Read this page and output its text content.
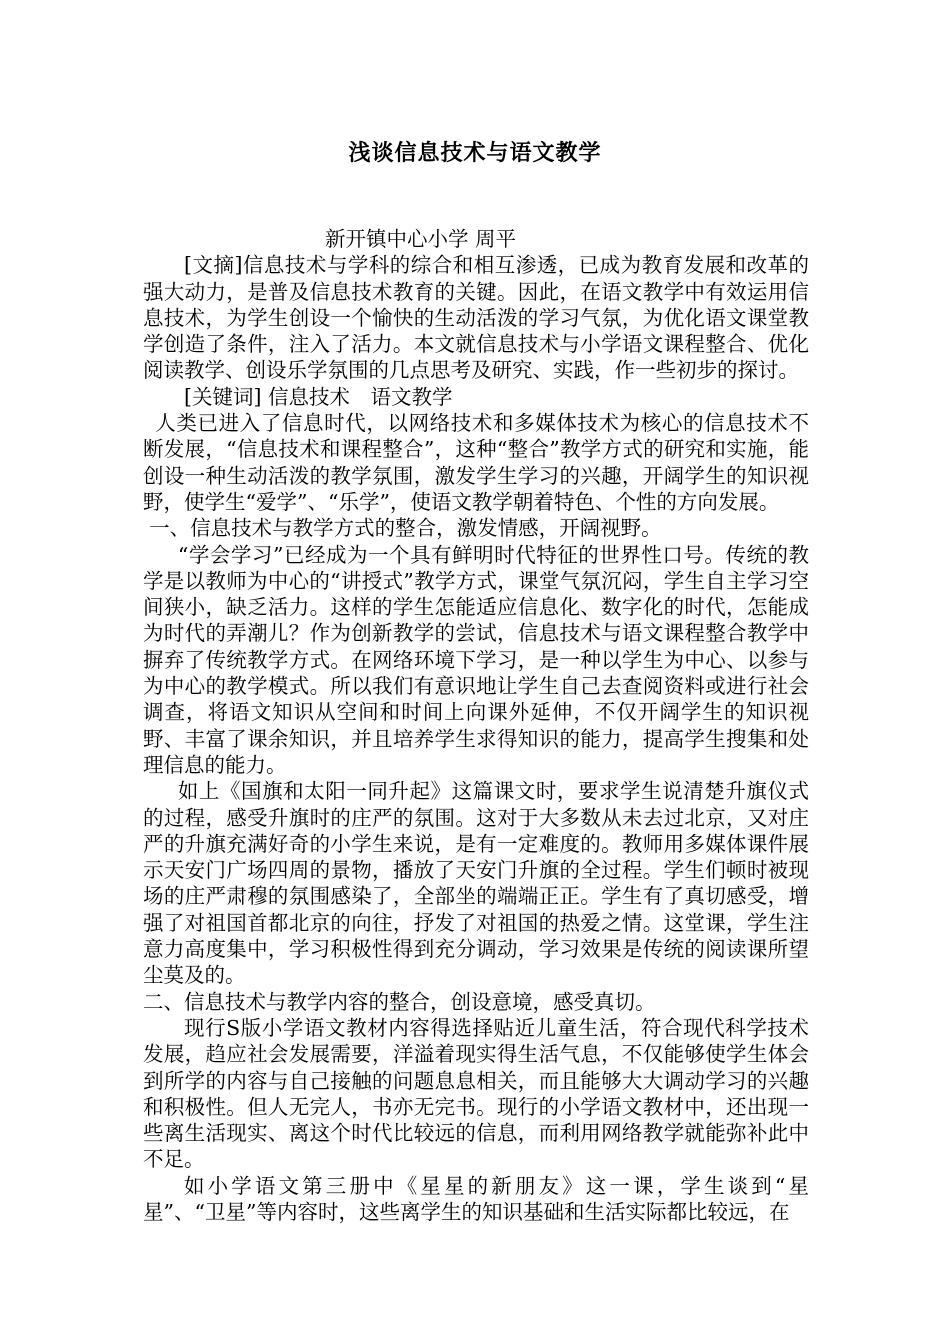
浅谈信息技术与语文教学

新开镇中心小学 周平

[文摘]信息技术与学科的综合和相互渗透，已成为教育发展和改革的强大动力，是普及信息技术教育的关键。因此，在语文教学中有效运用信息技术，为学生创设一个愉快的生动活泼的学习气氛，为优化语文课堂教学创造了条件，注入了活力。本文就信息技术与小学语文课程整合、优化阅读教学、创设乐学氛围的几点思考及研究、实践，作一些初步的探讨。

[关键词] 信息技术　语文教学

人类已进入了信息时代，以网络技术和多媒体技术为核心的信息技术不断发展，“信息技术和课程整合”，这种“整合”教学方式的研究和实施，能创设一种生动活泼的教学氛围，激发学生学习的兴趣，开阔学生的知识视野，使学生“爱学”、“乐学”，使语文教学朝着特色、个性的方向发展。

一、信息技术与教学方式的整合，激发情感，开阔视野。

“学会学习”已经成为一个具有鲜明时代特征的世界性口号。传统的教学是以教师为中心的“讲授式”教学方式，课堂气氛沉闷，学生自主学习空间狭小，缺乏活力。这样的学生怎能适应信息化、数字化的时代，怎能成为时代的弄潮儿？作为创新教学的尝试，信息技术与语文课程整合教学中摒弃了传统教学方式。在网络环境下学习，是一种以学生为中心、以参与为中心的教学模式。所以我们有意识地让学生自己去查阅资料或进行社会调查，将语文知识从空间和时间上向课外延伸，不仅开阔学生的知识视野、丰富了课余知识，并且培养学生求得知识的能力，提高学生搜集和处理信息的能力。

如上《国旗和太阳一同升起》这篇课文时，要求学生说清楚升旗仪式的过程，感受升旗时的庄严的氛围。这对于大多数从未去过北京，又对庄严的升旗充满好奇的小学生来说，是有一定难度的。教师用多媒体课件展示天安门广场四周的景物，播放了天安门升旗的全过程。学生们顿时被现场的庄严肃穆的氛围感染了，全部坐的端端正正。学生有了真切感受，增强了对祖国首都北京的向往，抒发了对祖国的热爱之情。这堂课，学生注意力高度集中，学习积极性得到充分调动，学习效果是传统的阅读课所望尘莫及的。

二、信息技术与教学内容的整合，创设意境，感受真切。

现行S版小学语文教材内容得选择贴近儿童生活，符合现代科学技术发展，趋应社会发展需要，洋溢着现实得生活气息，不仅能够使学生体会到所学的内容与自己接触的问题息息相关，而且能够大大调动学习的兴趣和积极性。但人无完人，书亦无完书。现行的小学语文教材中，还出现一些离生活现实、离这个时代比较远的信息，而利用网络教学就能弥补此中不足。

如小学语文第三册中《星星的新朋友》这一课，学生谈到“星星”、“卫星”等内容时，这些离学生的知识基础和生活实际都比较远，在
